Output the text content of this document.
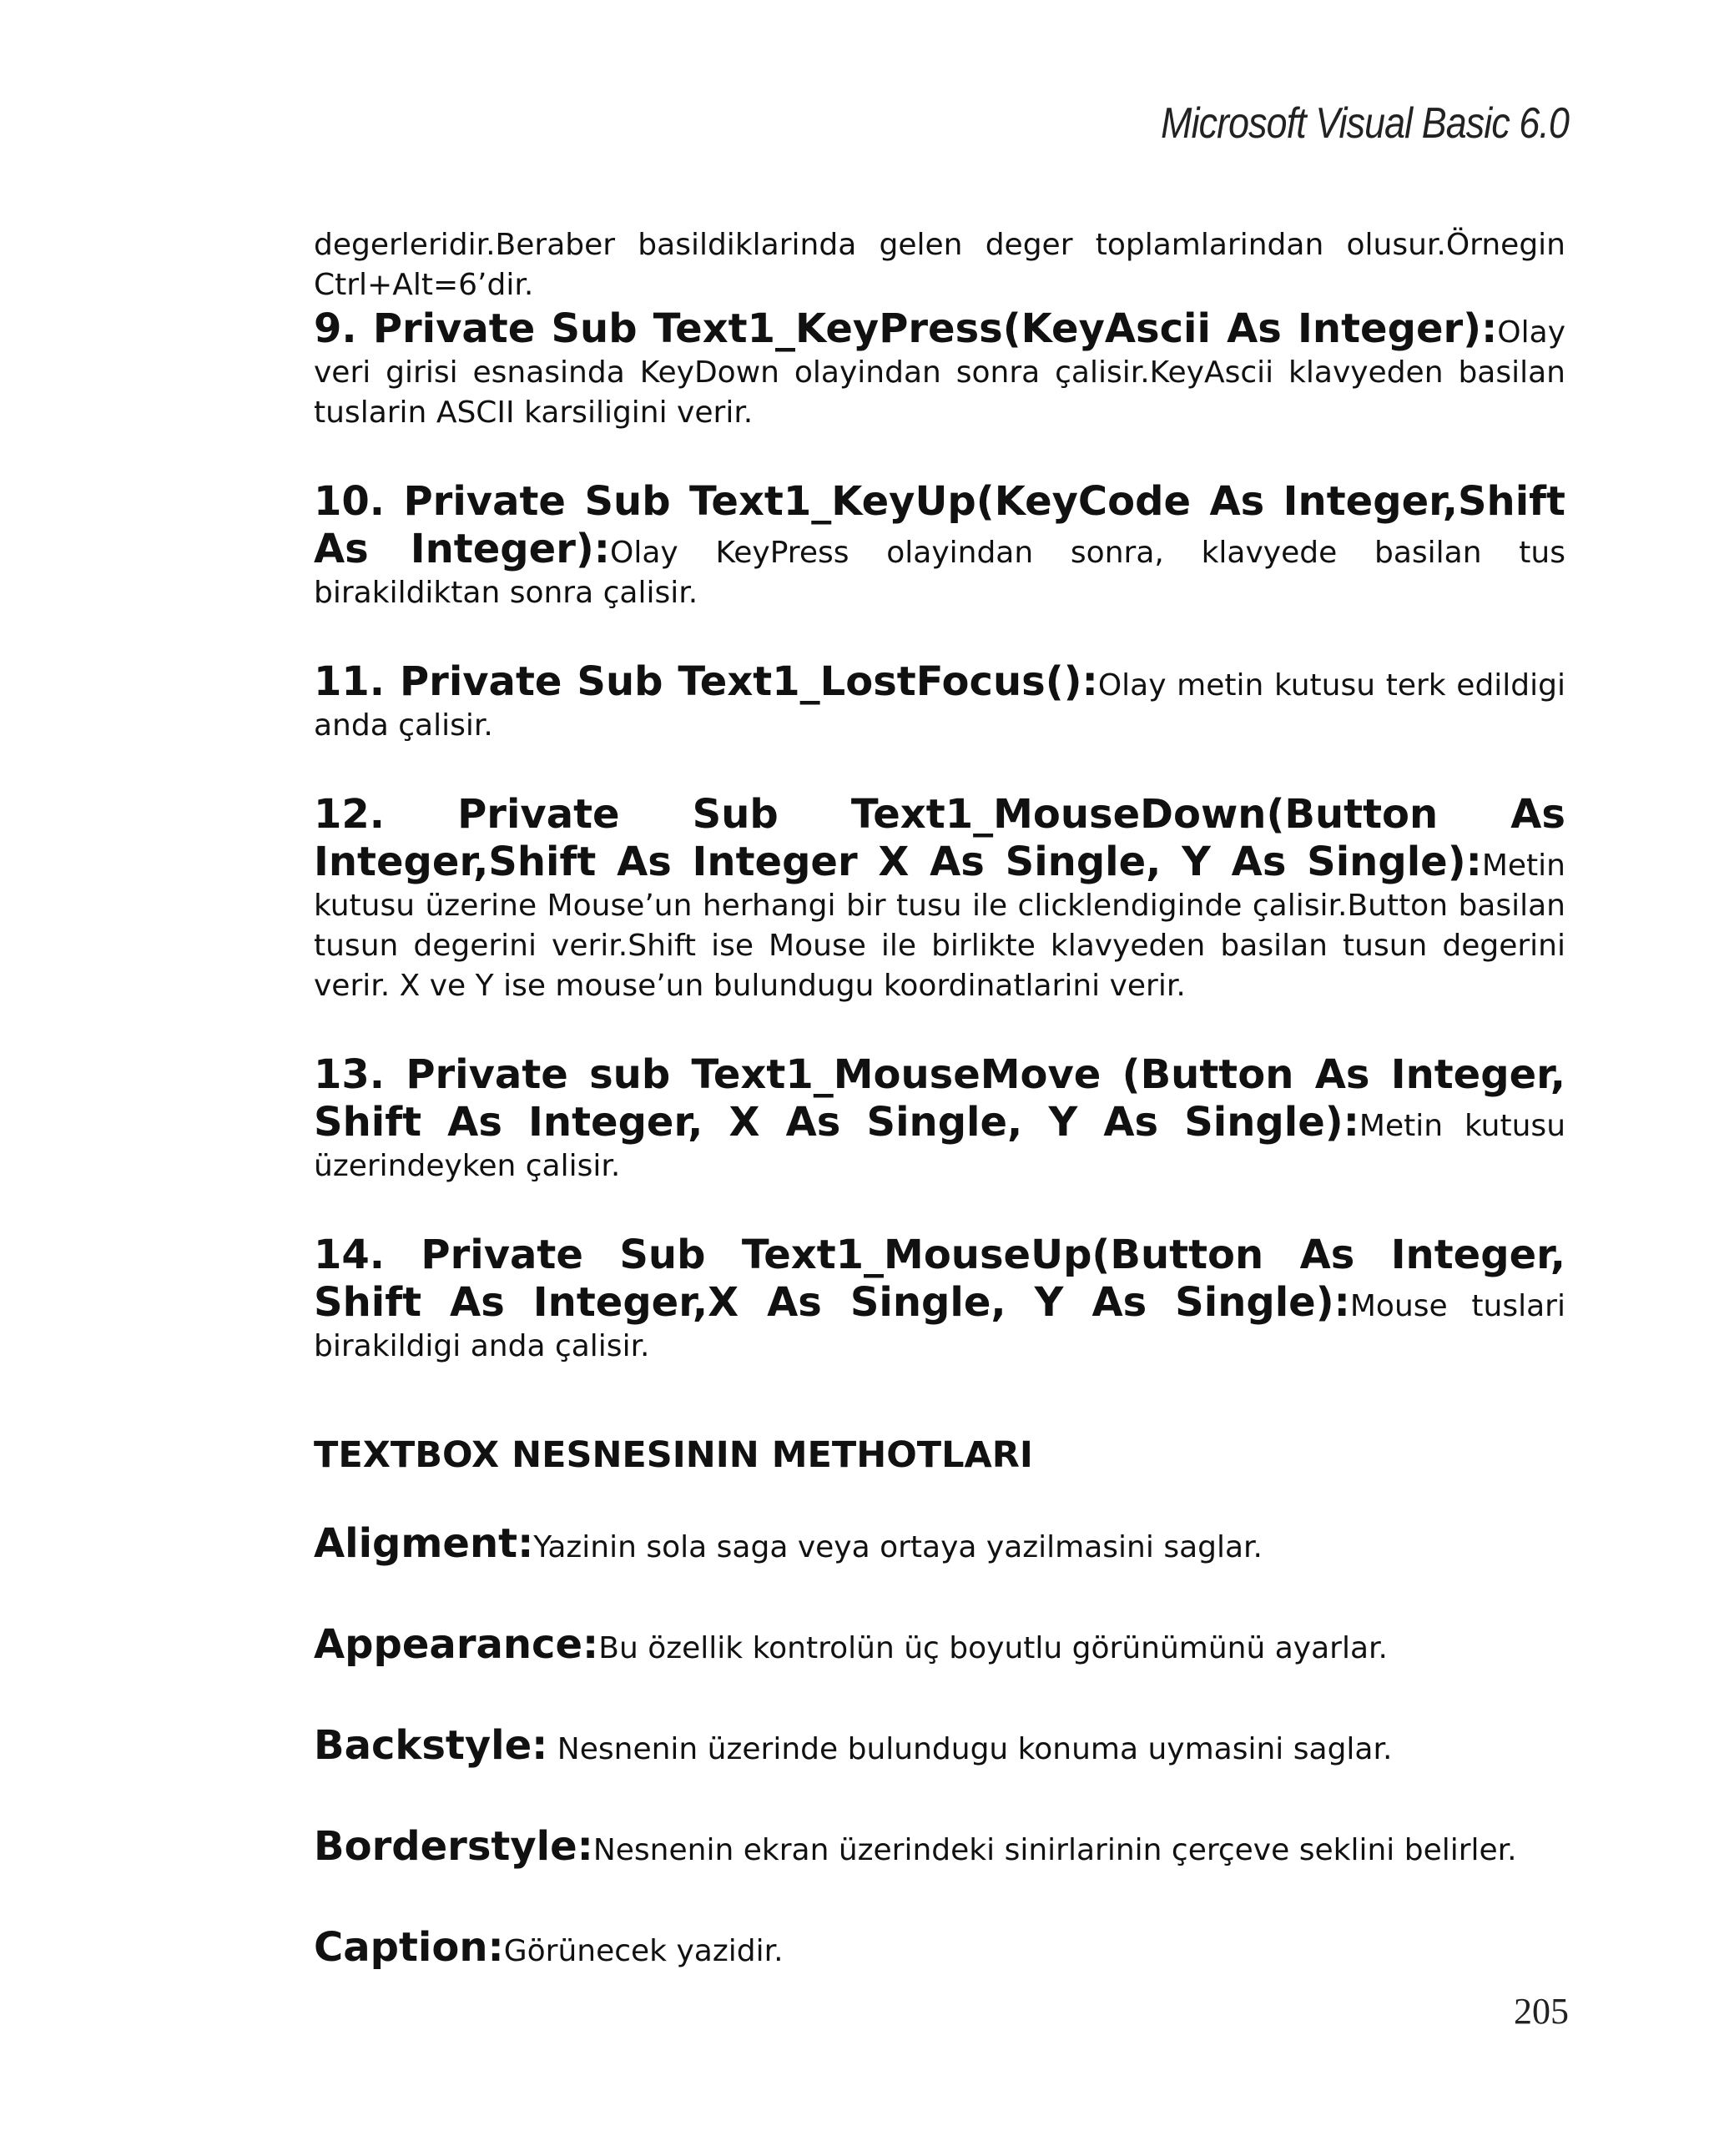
Microsoft Visual Basic 6.0

degerleridir.Beraber basildiklarinda gelen deger toplamlarindan olusur.Örnegin Ctrl+Alt=6’dir.

9. Private Sub Text1_KeyPress(KeyAscii As Integer):Olay veri girisi esnasinda KeyDown olayindan sonra çalisir.KeyAscii klavyeden basilan tuslarin ASCII karsiligini verir.

10. Private Sub Text1_KeyUp(KeyCode As Integer,Shift As Integer):Olay KeyPress olayindan sonra, klavyede basilan tus birakildiktan sonra çalisir.

11. Private Sub Text1_LostFocus():Olay metin kutusu terk edildigi anda çalisir.

12. Private Sub Text1_MouseDown(Button As Integer,Shift As Integer X As Single, Y As Single):Metin kutusu üzerine Mouse’un herhangi bir tusu ile clicklendiginde çalisir.Button basilan tusun degerini verir.Shift ise Mouse ile birlikte klavyeden basilan tusun degerini verir. X ve Y ise mouse’un bulundugu koordinatlarini verir.

13. Private sub Text1_MouseMove (Button As Integer, Shift As Integer, X As Single, Y As Single):Metin kutusu üzerindeyken çalisir.

14. Private Sub Text1_MouseUp(Button As Integer, Shift As Integer,X As Single, Y As Single):Mouse tuslari birakildigi anda çalisir.

TEXTBOX NESNESININ METHOTLARI

Aligment:Yazinin sola saga veya ortaya yazilmasini saglar.

Appearance:Bu özellik kontrolün üç boyutlu görünümünü ayarlar.

Backstyle: Nesnenin üzerinde bulundugu konuma uymasini saglar.

Borderstyle:Nesnenin ekran üzerindeki sinirlarinin çerçeve seklini belirler.

Caption:Görünecek yazidir.

205
